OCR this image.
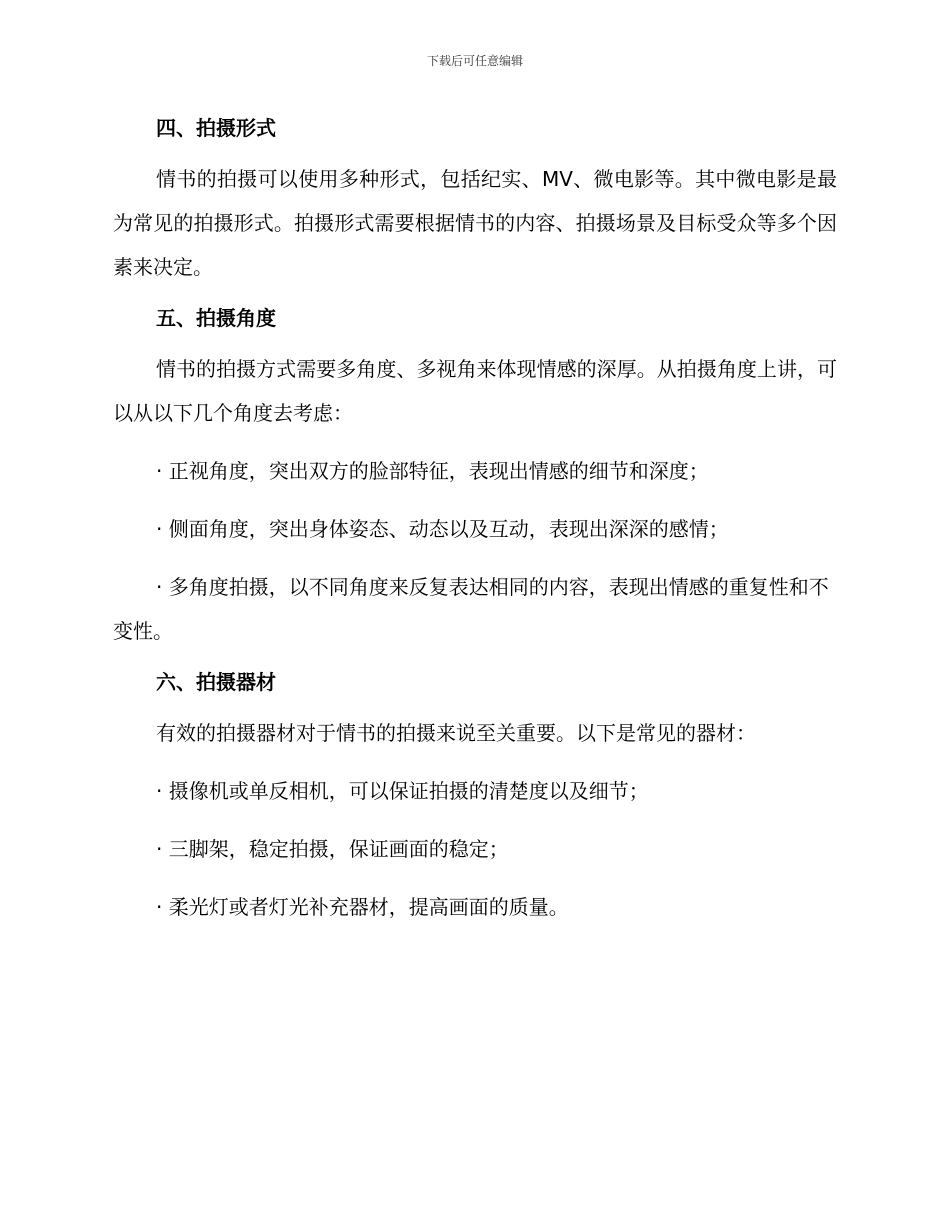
下载后可任意编辑
四、拍摄形式
情书的拍摄可以使用多种形式，包括纪实、MV、微电影等。其中微电影是最为常见的拍摄形式。拍摄形式需要根据情书的内容、拍摄场景及目标受众等多个因素来决定。
五、拍摄角度
情书的拍摄方式需要多角度、多视角来体现情感的深厚。从拍摄角度上讲，可以从以下几个角度去考虑：
· 正视角度，突出双方的脸部特征，表现出情感的细节和深度；
· 侧面角度，突出身体姿态、动态以及互动，表现出深深的感情；
· 多角度拍摄，以不同角度来反复表达相同的内容，表现出情感的重复性和不变性。
六、拍摄器材
有效的拍摄器材对于情书的拍摄来说至关重要。以下是常见的器材：
· 摄像机或单反相机，可以保证拍摄的清楚度以及细节；
· 三脚架，稳定拍摄，保证画面的稳定；
· 柔光灯或者灯光补充器材，提高画面的质量。
